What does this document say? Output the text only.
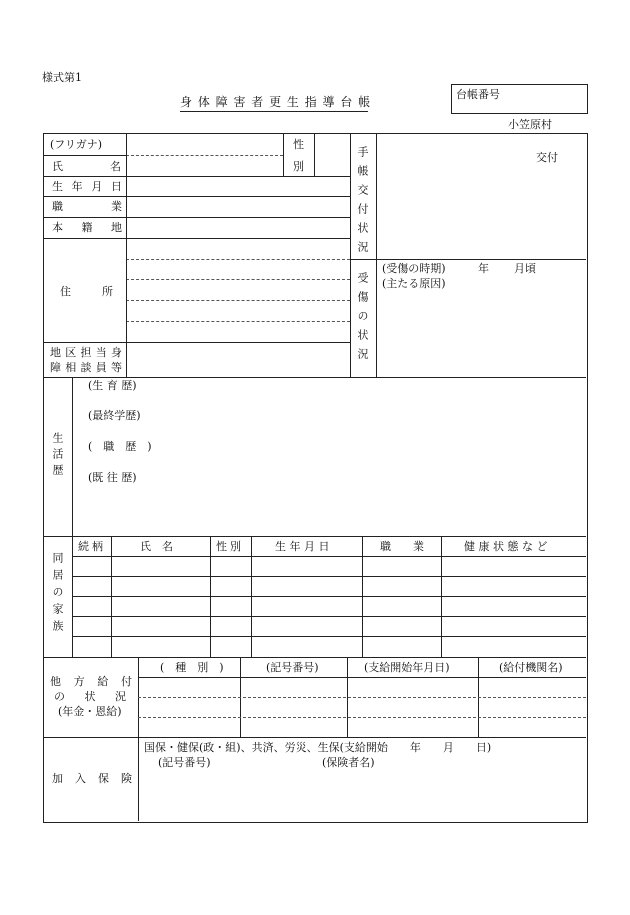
様式第1
身 体 障 害 者 更 生 指 導 台 帳
台帳番号
小笠原村
(フリガナ)
氏	名
性
別
生 年 月 日
職	業
本 籍 地
住	所
地 区 担 当 身
障 相 談 員 等
手帳交付状況	交付
受傷の状況
(受傷の時期)	年 月頃
(主たる原因)
生活歴
(生 育 歴)
(最終学歴)
(　職　歴　)
(既 往 歴)
同居の家族
続柄	氏　名	性別	生 年 月 日	職　　業	健 康 状 態 な ど
他 方 給 付
の 状 況
(年金・恩給)
(　種　別　)	(記号番号)	(支給開始年月日)	(給付機関名)
加 入 保 険
国保・健保(政・組)、共済、労災、生保(支給開始　　年　　月　　日)
(記号番号)	(保険者名)
